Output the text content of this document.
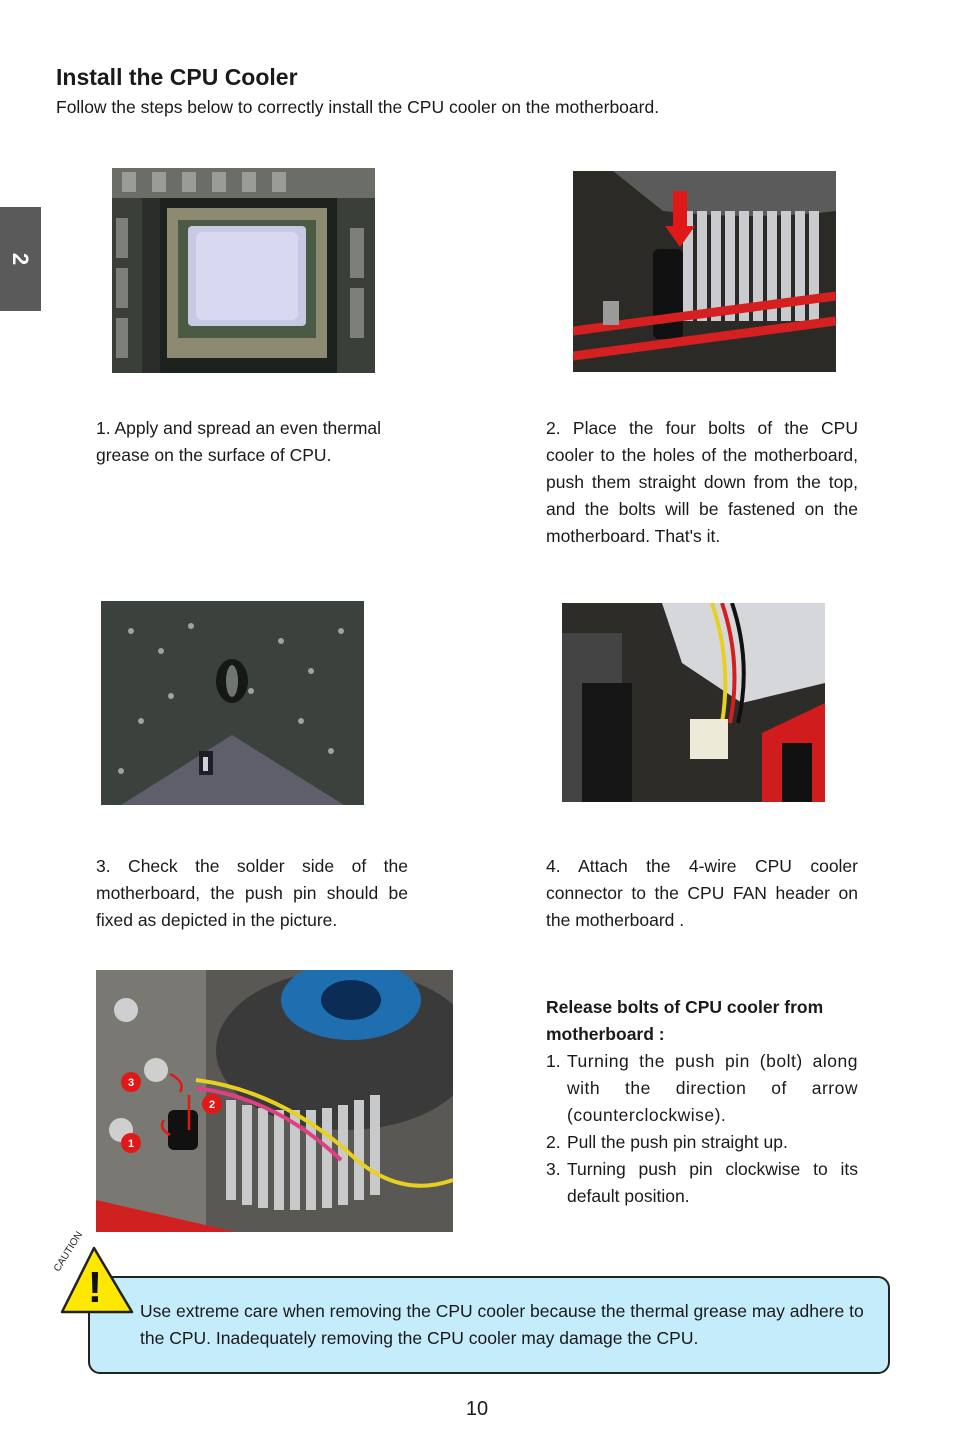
Install the CPU Cooler
Follow the steps below to correctly install the CPU cooler on the motherboard.
2

1. Apply and spread an even thermal grease on the surface of CPU.

2. Place the four bolts of the CPU cooler to the holes of the motherboard, push them straight down from the top, and the bolts will be fastened on the motherboard. That's it.

3. Check the solder side of the motherboard, the push pin should be fixed as depicted in the picture.

4. Attach the 4-wire CPU cooler connector to the CPU FAN header on the motherboard .

3
2
1
Release bolts of CPU cooler from
motherboard :
1. Turning the push pin (bolt) along with the direction of arrow (counterclockwise).
2. Pull the push pin straight up.
3. Turning push pin clockwise to its default position.
!
CAUTION
Use extreme care when removing the CPU cooler because the thermal grease may adhere to the CPU. Inadequately removing the CPU cooler may damage the CPU.
10
